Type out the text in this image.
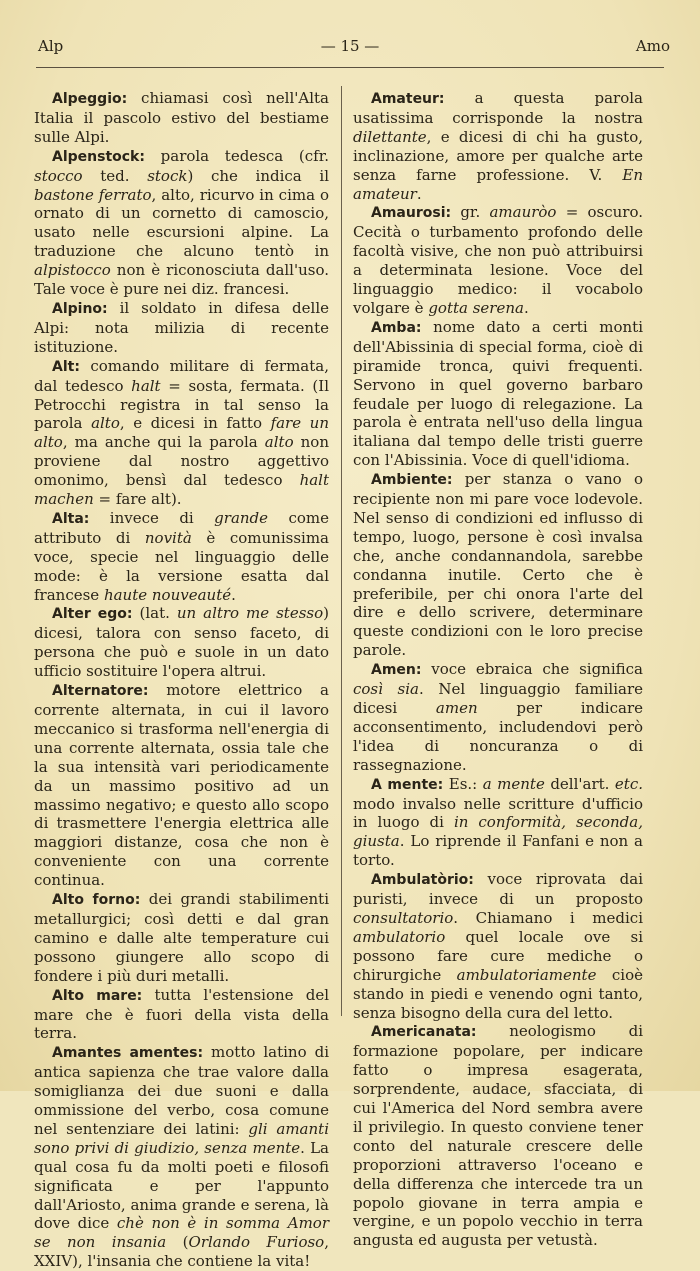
Alp	— 15 —	Amo

Alpeggio: chiamasi così nell'Alta Italia il pascolo estivo del bestiame sulle Alpi.

Alpenstock: parola tedesca (cfr. stocco ted. stock) che indica il bastone ferrato, alto, ricurvo in cima o ornato di un cornetto di camoscio, usato nelle escursioni alpine. La traduzione che alcuno tentò in alpistocco non è riconosciuta dall'uso. Tale voce è pure nei diz. francesi.

Alpino: il soldato in difesa delle Alpi: nota milizia di recente istituzione.

Alt: comando militare di fermata, dal tedesco halt = sosta, fermata. (Il Petrocchi registra in tal senso la parola alto, e dicesi in fatto fare un alto, ma anche qui la parola alto non proviene dal nostro aggettivo omonimo, bensì dal tedesco halt machen = fare alt).

Alta: invece di grande come attributo di novità è comunissima voce, specie nel linguaggio delle mode: è la versione esatta dal francese haute nouveauté.

Alter ego: (lat. un altro me stesso) dicesi, talora con senso faceto, di persona che può e suole in un dato ufficio sostituire l'opera altrui.

Alternatore: motore elettrico a corrente alternata, in cui il lavoro meccanico si trasforma nell'energia di una corrente alternata, ossia tale che la sua intensità vari periodicamente da un massimo positivo ad un massimo negativo; e questo allo scopo di trasmettere l'energia elettrica alle maggiori distanze, cosa che non è conveniente con una corrente continua.

Alto forno: dei grandi stabilimenti metallurgici; così detti e dal gran camino e dalle alte temperature cui possono giungere allo scopo di fondere i più duri metalli.

Alto mare: tutta l'estensione del mare che è fuori della vista della terra.

Amantes amentes: motto latino di antica sapienza che trae valore dalla somiglianza dei due suoni e dalla ommissione del verbo, cosa comune nel sentenziare dei latini: gli amanti sono privi di giudizio, senza mente. La qual cosa fu da molti poeti e filosofi significata e per l'appunto dall'Ariosto, anima grande e serena, là dove dice chè non è in somma Amor se non insania (Orlando Furioso, XXIV), l'insania che contiene la vita!

Amateur: a questa parola usatissima corrisponde la nostra dilettante, e dicesi di chi ha gusto, inclinazione, amore per qualche arte senza farne professione. V. En amateur.

Amaurosi: gr. amauròo = oscuro. Cecità o turbamento profondo delle facoltà visive, che non può attribuirsi a determinata lesione. Voce del linguaggio medico: il vocabolo volgare è gotta serena.

Amba: nome dato a certi monti dell'Abissinia di special forma, cioè di piramide tronca, quivi frequenti. Servono in quel governo barbaro feudale per luogo di relegazione. La parola è entrata nell'uso della lingua italiana dal tempo delle tristi guerre con l'Abissinia. Voce di quell'idioma.

Ambiente: per stanza o vano o recipiente non mi pare voce lodevole. Nel senso di condizioni ed influsso di tempo, luogo, persone è così invalsa che, anche condannandola, sarebbe condanna inutile. Certo che è preferibile, per chi onora l'arte del dire e dello scrivere, determinare queste condizioni con le loro precise parole.

Amen: voce ebraica che significa così sia. Nel linguaggio familiare dicesi amen per indicare acconsentimento, includendovi però l'idea di noncuranza o di rassegnazione.

A mente: Es.: a mente dell'art. etc. modo invalso nelle scritture d'ufficio in luogo di in conformità, seconda, giusta. Lo riprende il Fanfani e non a torto.

Ambulatòrio: voce riprovata dai puristi, invece di un proposto consultatorio. Chiamano i medici ambulatorio quel locale ove si possono fare cure mediche o chirurgiche ambulatoriamente cioè stando in piedi e venendo ogni tanto, senza bisogno della cura del letto.

Americanata: neologismo di formazione popolare, per indicare fatto o impresa esagerata, sorprendente, audace, sfacciata, di cui l'America del Nord sembra avere il privilegio. In questo conviene tener conto del naturale crescere delle proporzioni attraverso l'oceano e della differenza che intercede tra un popolo giovane in terra ampia e vergine, e un popolo vecchio in terra angusta ed augusta per vetustà.
